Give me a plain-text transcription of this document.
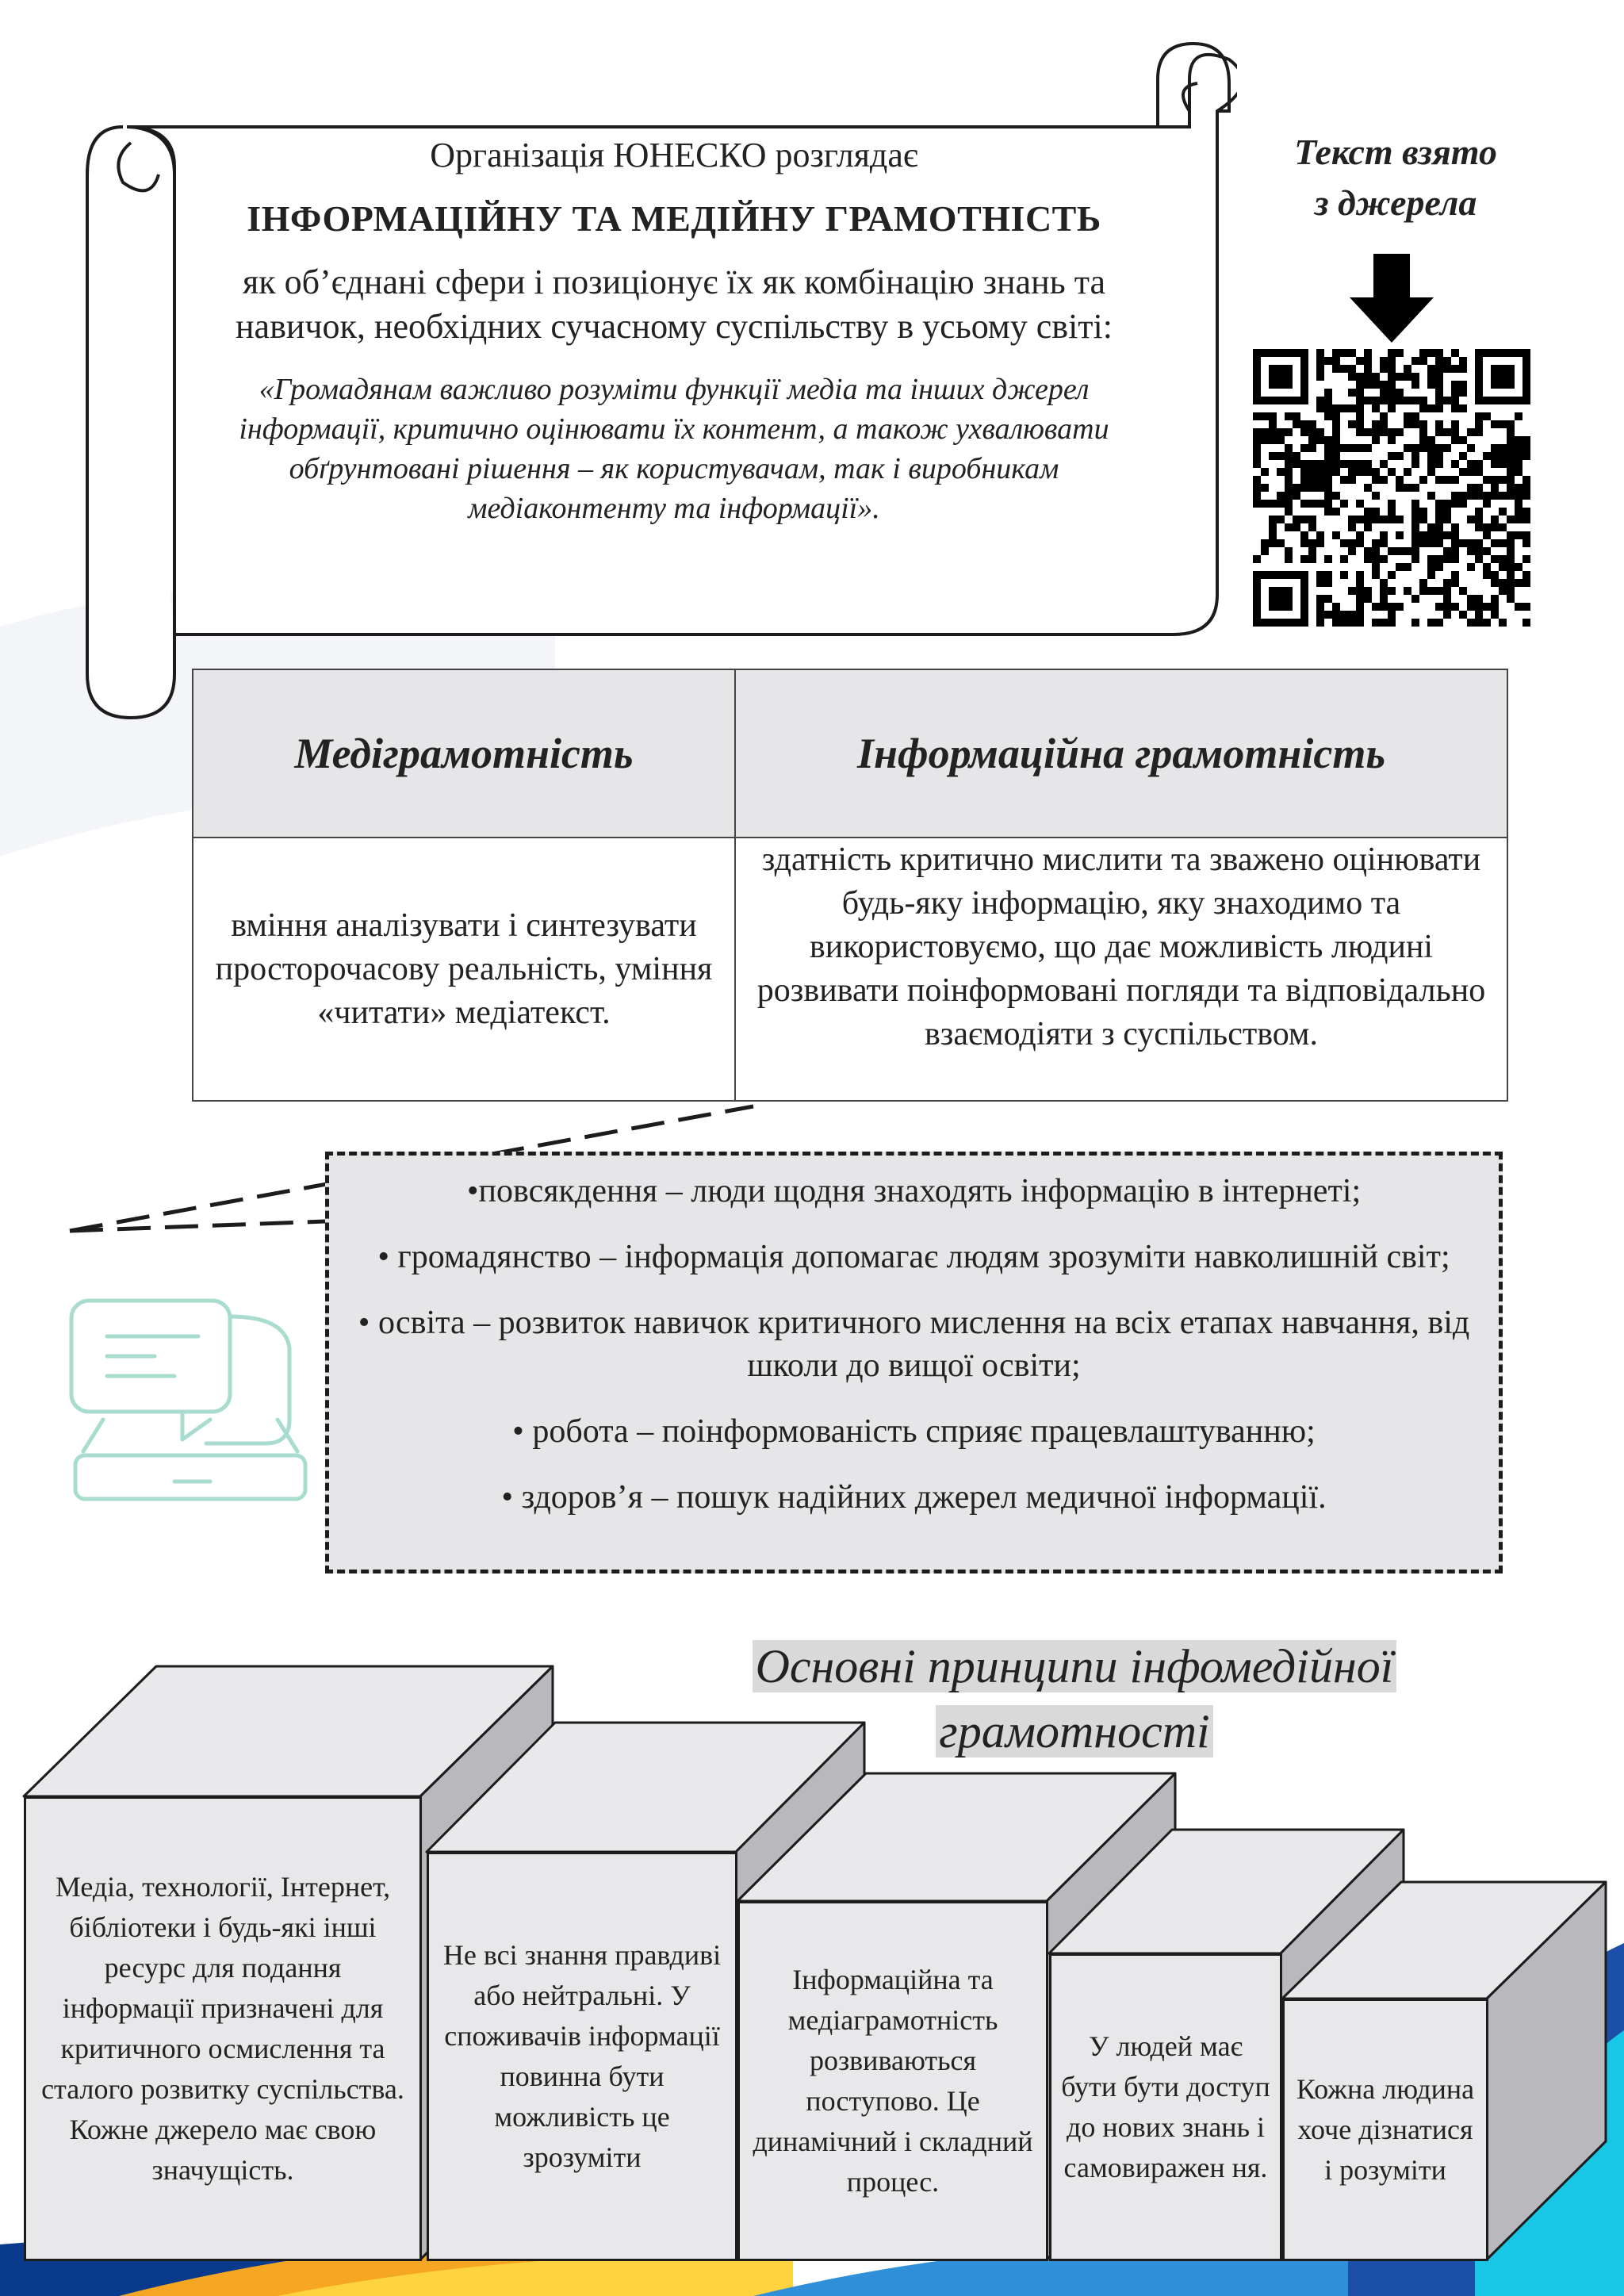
Організація ЮНЕСКО розглядає
ІНФОРМАЦІЙНУ ТА МЕДІЙНУ ГРАМОТНІСТЬ
як об’єднані сфери і позиціонує їх як комбінацію знань та навичок, необхідних сучасному суспільству в усьому світі:
«Громадянам важливо розуміти функції медіа та інших джерел інформації, критично оцінювати їх контент, а також ухвалювати обґрунтовані рішення – як користувачам, так і виробникам медіаконтенту та інформації».
Текст взято
з джерела
Медіграмотність	Інформаційна грамотність
вміння аналізувати і синтезувати просторочасову реальність, уміння «читати» медіатекст.	здатність критично мислити та зважено оцінювати будь-яку інформацію, яку знаходимо та використовуємо, що дає можливість людині розвивати поінформовані погляди та відповідально взаємодіяти з суспільством.
•повсякдення – люди щодня знаходять інформацію в інтернеті;
• громадянство – інформація допомагає людям зрозуміти навколишній світ;
• освіта – розвиток навичок критичного мислення на всіх етапах навчання, від школи до вищої освіти;
• робота – поінформованість сприяє працевлаштуванню;
• здоров’я – пошук надійних джерел медичної інформації.
Основні принципи інфомедійної
грамотності
Медіа, технології, Інтернет, бібліотеки і будь-які інші ресурс для подання інформації призначені для критичного осмислення та сталого розвитку суспільства. Кожне джерело має свою значущість.
Не всі знання правдиві або нейтральні. У споживачів інформації повинна бути можливість це зрозуміти
Інформаційна та медіаграмотність розвиваються поступово. Це динамічний і складний процес.
У людей має бути бути доступ до нових знань і самовиражен ня.
Кожна людина хоче дізнатися і розуміти
